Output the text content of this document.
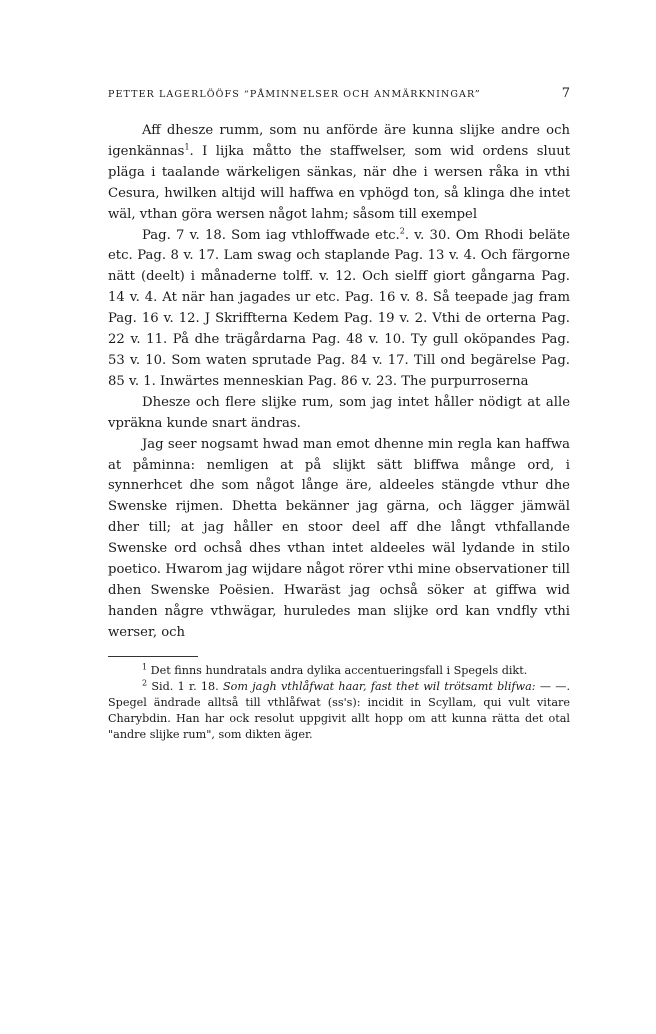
PETTER LAGERLÖÖFS “PÅMINNELSER OCH ANMÄRKNINGAR”	7

Aff dhesze rumm, som nu anförde äre kunna slijke andre och igenkännas$^1$. I lijka måtto the staffwelser, som wid ordens sluut pläga i taalande wärkeligen sänkas, när dhe i wersen råka in vthi Cesura, hwilken altijd will haffwa en vphögd ton, så klinga dhe intet wäl, vthan göra wersen något lahm; såsom till exempel

Pag. 7 v. 18. Som iag vthloffwade etc.$^2$. v. 30. Om Rhodi beläte etc. Pag. 8 v. 17. Lam swag och staplande Pag. 13 v. 4. Och färgorne nätt (deelt) i månaderne tolff. v. 12. Och sielff giort gångarna Pag. 14 v. 4. At när han jagades ur etc. Pag. 16 v. 8. Så teepade jag fram Pag. 16 v. 12. J Skriffterna Kedem Pag. 19 v. 2. Vthi de orterna Pag. 22 v. 11. På dhe trägårdarna Pag. 48 v. 10. Ty gull oköpandes Pag. 53 v. 10. Som waten sprutade Pag. 84 v. 17. Till ond begärelse Pag. 85 v. 1. Inwärtes menneskian Pag. 86 v. 23. The purpurroserna

Dhesze och flere slijke rum, som jag intet håller nödigt at alle vpräkna kunde snart ändras.

Jag seer nogsamt hwad man emot dhenne min regla kan haffwa at påminna: nemligen at på slijkt sätt bliffwa månge ord, i synnerhcet dhe som något långe äre, aldeeles stängde vthur dhe Swenske rijmen. Dhetta bekänner jag gärna, och lägger jämwäl dher till; at jag håller en stoor deel aff dhe långt vthfallande Swenske ord ochså dhes vthan intet aldeeles wäl lydande in stilo poetico. Hwarom jag wijdare något rörer vthi mine observationer till dhen Swenske Poësien. Hwaräst jag ochså söker at giffwa wid handen någre vthwägar, huruledes man slijke ord kan vndfly vthi werser, och

$^1$ Det finns hundratals andra dylika accentueringsfall i Spegels dikt.

$^2$ Sid. 1 r. 18. Som jagh vthlåfwat haar, fast thet wil trötsamt blifwa: — —. Spegel ändrade alltså till vthlåfwat (ss's): incidit in Scyllam, qui vult vitare Charybdin. Han har ock resolut uppgivit allt hopp om att kunna rätta det otal "andre slijke rum", som dikten äger.
